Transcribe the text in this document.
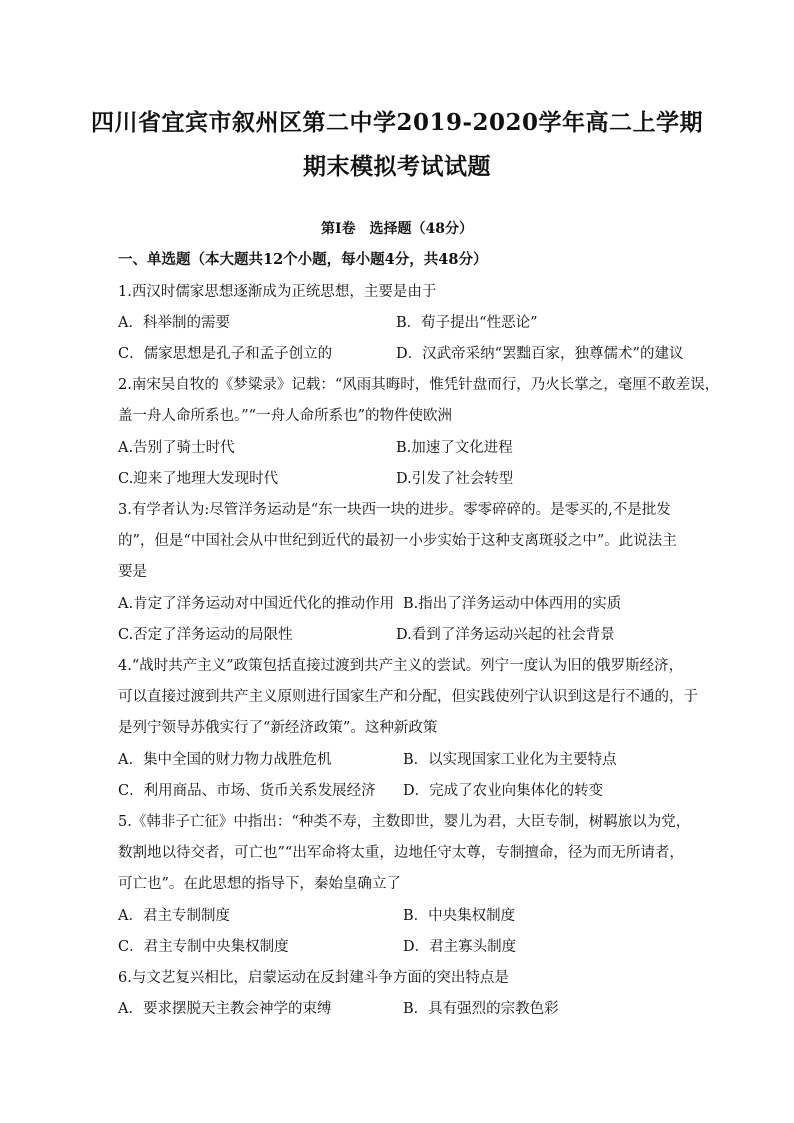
四川省宜宾市叙州区第二中学2019-2020学年高二上学期
期末模拟考试试题
第Ⅰ卷　选择题（48分）
一、单选题（本大题共12个小题，每小题4分，共48分）
1.西汉时儒家思想逐渐成为正统思想，主要是由于
A．科举制的需要	B．荀子提出“性恶论”
C．儒家思想是孔子和孟子创立的	D．汉武帝采纳“罢黜百家，独尊儒术”的建议
2.南宋吴自牧的《梦粱录》记载：“风雨其晦时，惟凭针盘而行，乃火长掌之，毫厘不敢差误，
盖一舟人命所系也。”“一舟人命所系也”的物件使欧洲
A.告别了骑士时代	B.加速了文化进程
C.迎来了地理大发现时代	D.引发了社会转型
3.有学者认为:尽管洋务运动是“东一块西一块的进步。零零碎碎的。是零买的,不是批发
的”，但是“中国社会从中世纪到近代的最初一小步实始于这种支离斑驳之中”。此说法主
要是
A.肯定了洋务运动对中国近代化的推动作用 B.指出了洋务运动中体西用的实质
C.否定了洋务运动的局限性	D.看到了洋务运动兴起的社会背景
4.“战时共产主义”政策包括直接过渡到共产主义的尝试。列宁一度认为旧的俄罗斯经济，
可以直接过渡到共产主义原则进行国家生产和分配，但实践使列宁认识到这是行不通的，于
是列宁领导苏俄实行了“新经济政策”。这种新政策
A．集中全国的财力物力战胜危机	B．以实现国家工业化为主要特点
C．利用商品、市场、货币关系发展经济 D．完成了农业向集体化的转变
5.《韩非子亡征》中指出：“种类不寿，主数即世，婴儿为君，大臣专制，树羁旅以为党，
数割地以待交者，可亡也”“出军命将太重，边地任守太尊，专制擅命，径为而无所请者，
可亡也”。在此思想的指导下，秦始皇确立了
A．君主专制制度	B．中央集权制度
C．君主专制中央集权制度	D．君主寡头制度
6.与文艺复兴相比，启蒙运动在反封建斗争方面的突出特点是
A．要求摆脱天主教会神学的束缚	B．具有强烈的宗教色彩
